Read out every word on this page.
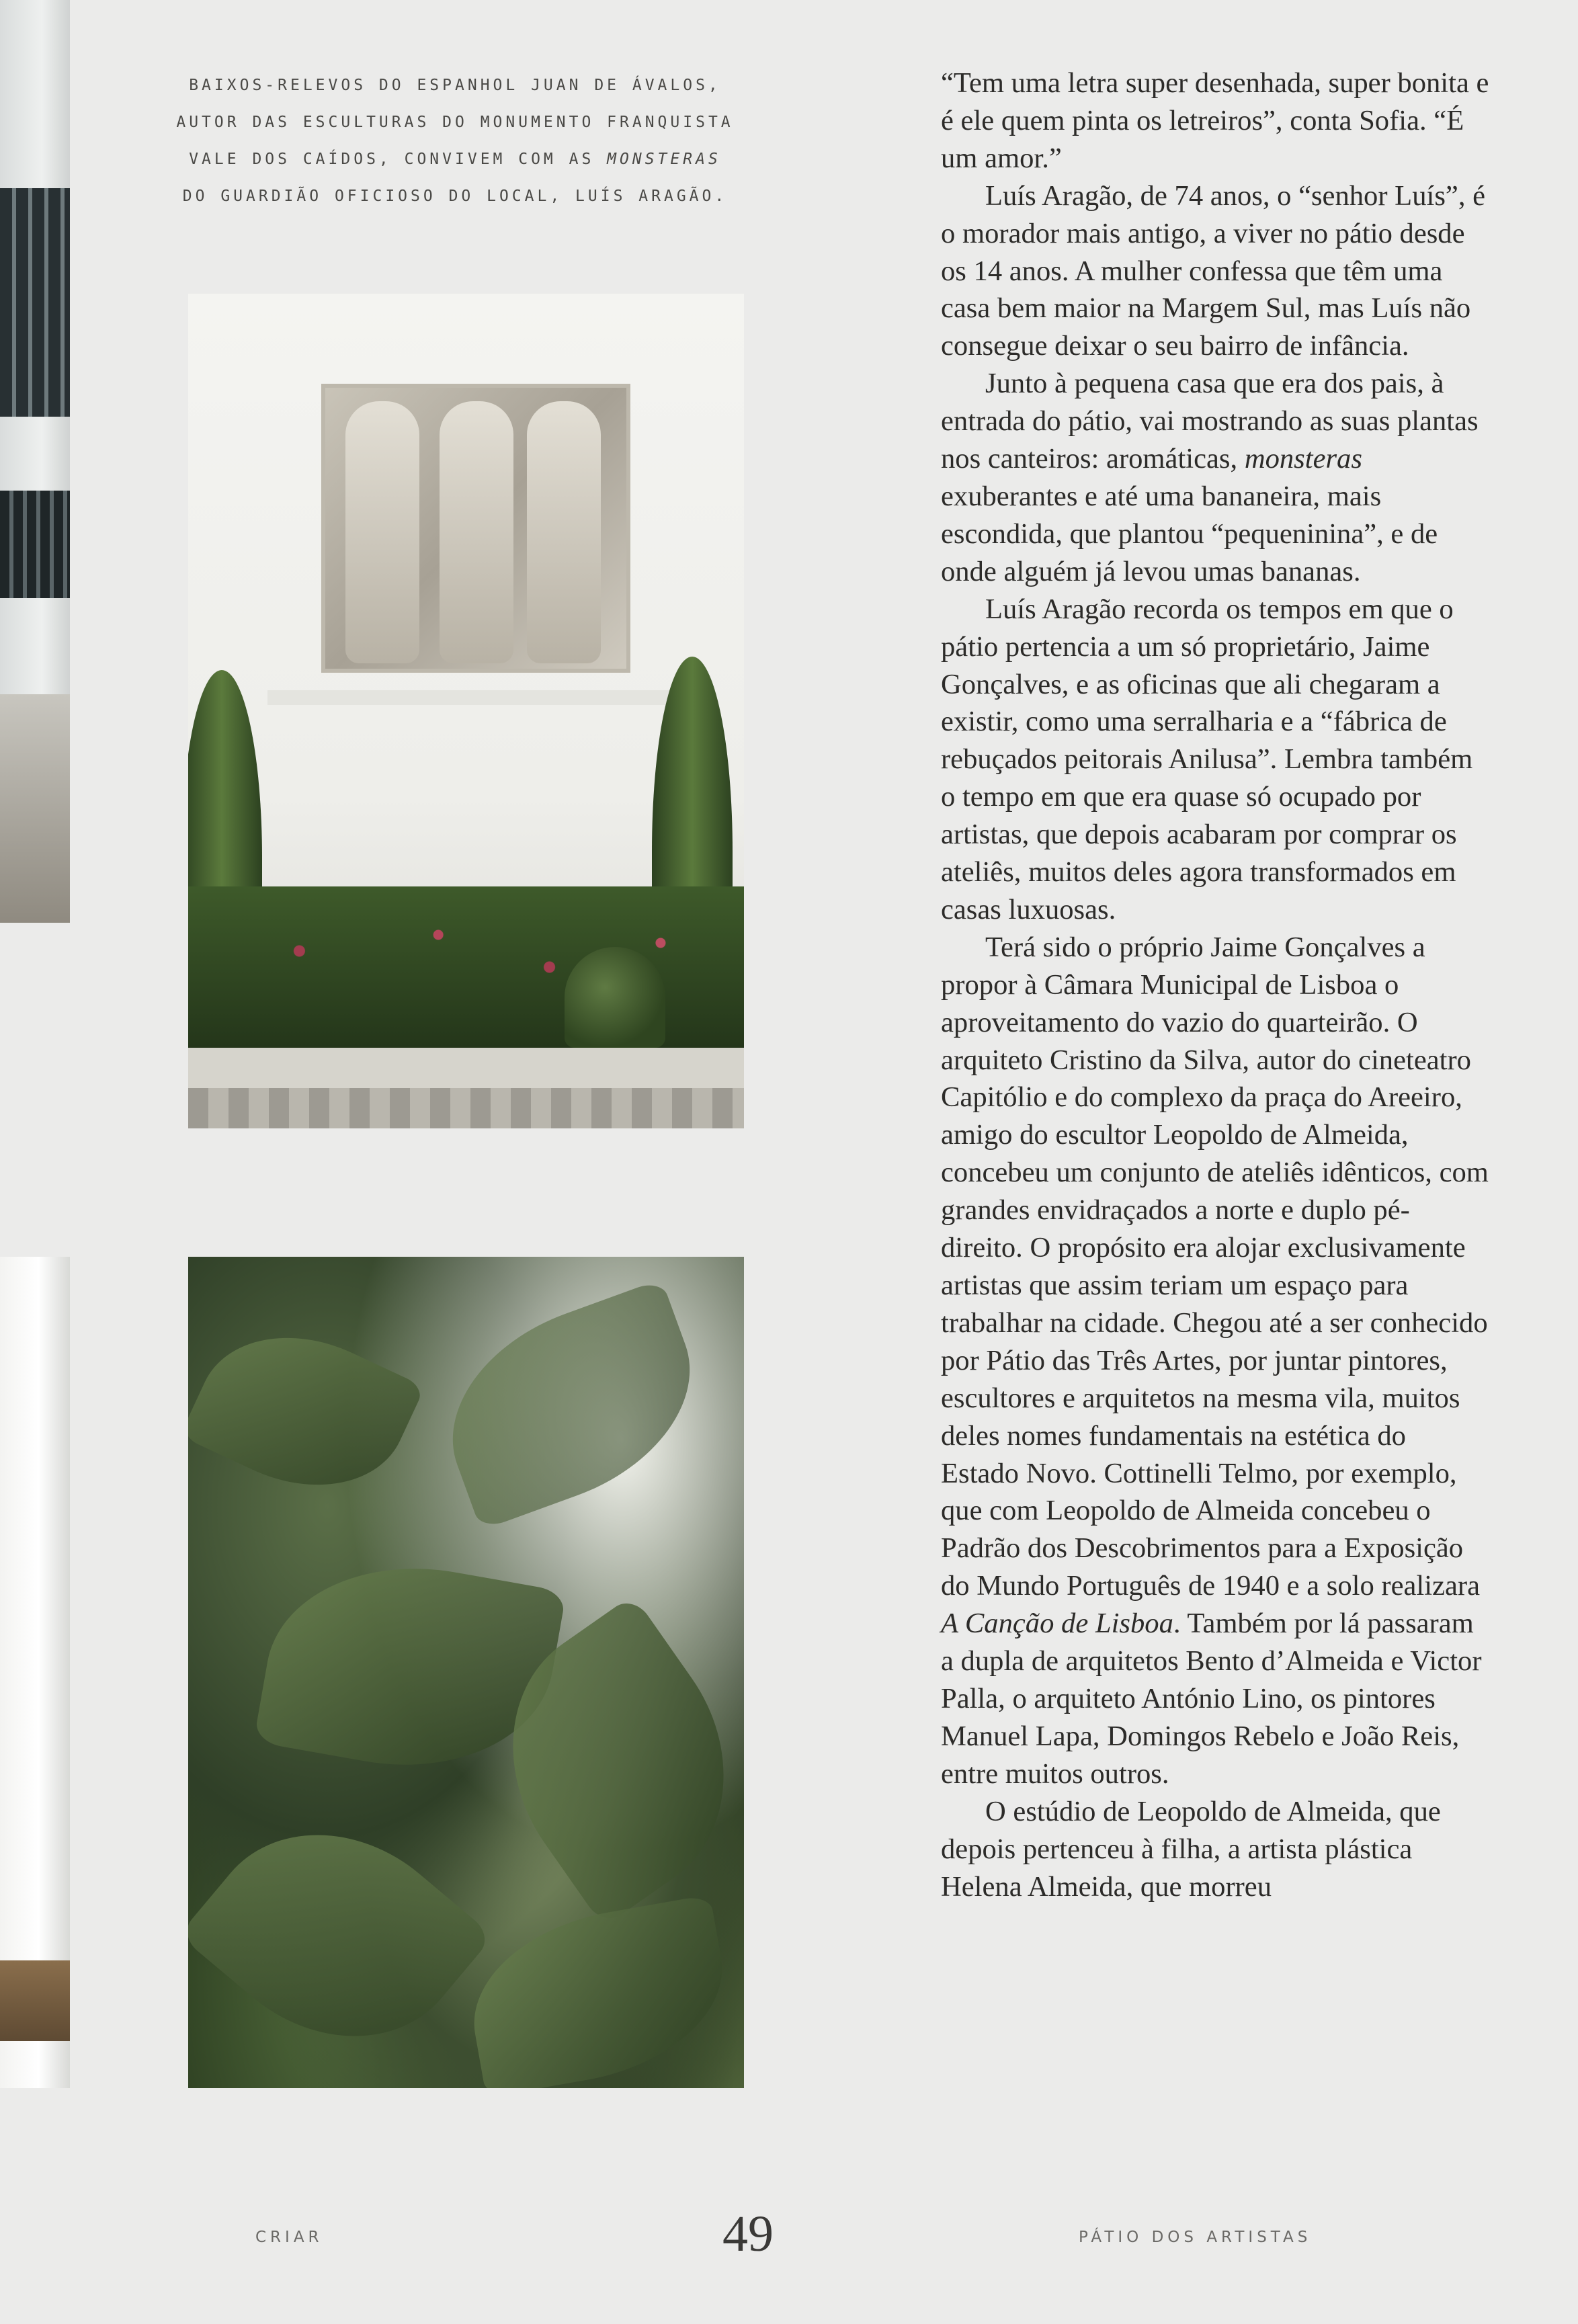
BAIXOS-RELEVOS DO ESPANHOL JUAN DE ÁVALOS, AUTOR DAS ESCULTURAS DO MONUMENTO FRANQUISTA VALE DOS CAÍDOS, CONVIVEM COM AS MONSTERAS DO GUARDIÃO OFICIOSO DO LOCAL, LUÍS ARAGÃO.

“Tem uma letra super desenhada, super bonita e é ele quem pinta os letreiros”, conta Sofia. “É um amor.”

Luís Aragão, de 74 anos, o “senhor Luís”, é o morador mais antigo, a viver no pátio desde os 14 anos. A mulher confessa que têm uma casa bem maior na Margem Sul, mas Luís não consegue deixar o seu bairro de infância.

Junto à pequena casa que era dos pais, à entrada do pátio, vai mostrando as suas plantas nos canteiros: aromáticas, monsteras exuberantes e até uma bananeira, mais escondida, que plantou “pequeninina”, e de onde alguém já levou umas bananas.

Luís Aragão recorda os tempos em que o pátio pertencia a um só proprietário, Jaime Gonçalves, e as oficinas que ali chegaram a existir, como uma serralharia e a “fábrica de rebuçados peitorais Anilusa”. Lembra também o tempo em que era quase só ocupado por artistas, que depois acabaram por comprar os ateliês, muitos deles agora transformados em casas luxuosas.

Terá sido o próprio Jaime Gonçalves a propor à Câmara Municipal de Lisboa o aproveitamento do vazio do quarteirão. O arquiteto Cristino da Silva, autor do cineteatro Capitólio e do complexo da praça do Areeiro, amigo do escultor Leopoldo de Almeida, concebeu um conjunto de ateliês idênticos, com grandes envidraçados a norte e duplo pé-direito. O propósito era alojar exclusivamente artistas que assim teriam um espaço para trabalhar na cidade. Chegou até a ser conhecido por Pátio das Três Artes, por juntar pintores, escultores e arquitetos na mesma vila, muitos deles nomes fundamentais na estética do Estado Novo. Cottinelli Telmo, por exemplo, que com Leopoldo de Almeida concebeu o Padrão dos Descobrimentos para a Exposição do Mundo Português de 1940 e a solo realizara A Canção de Lisboa. Também por lá passaram a dupla de arquitetos Bento d’Almeida e Victor Palla, o arquiteto António Lino, os pintores Manuel Lapa, Domingos Rebelo e João Reis, entre muitos outros.

O estúdio de Leopoldo de Almeida, que depois pertenceu à filha, a artista plástica Helena Almeida, que morreu

CRIAR	49	PÁTIO DOS ARTISTAS
